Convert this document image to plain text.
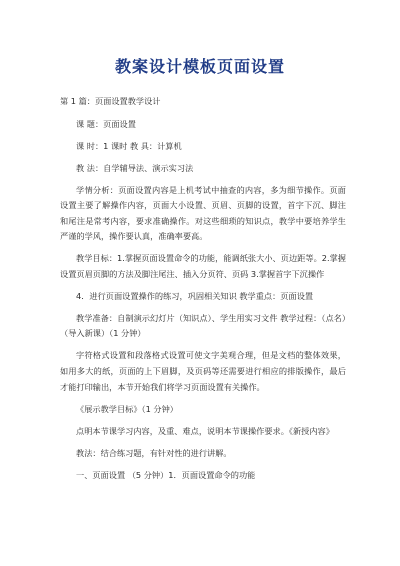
教案设计模板页面设置

第 1 篇：页面设置教学设计

课 题：页面设置

课 时：1 课时 教 具：计算机

教 法：自学辅导法、演示实习法

学情分析：页面设置内容是上机考试中抽查的内容，多为细节操作。页面设置主要了解操作内容，页面大小设置、页眉、页脚的设置，首字下沉、脚注和尾注是常考内容，要求准确操作。对这些细琐的知识点，教学中要培养学生严谨的学风，操作要认真，准确率要高。

教学目标：1.掌握页面设置命令的功能，能调纸张大小、页边距等。2.掌握设置页眉页脚的方法及脚注尾注、插入分页符、页码 3.掌握首字下沉操作

4．进行页面设置操作的练习，巩固相关知识 教学重点：页面设置

教学准备：自制演示幻灯片（知识点）、学生用实习文件 教学过程：（点名）（导入新课）（1 分钟）

字符格式设置和段落格式设置可使文字美观合理，但是文档的整体效果，如用多大的纸，页面的上下眉脚，及页码等还需要进行相应的排版操作，最后才能打印输出，本节开始我们将学习页面设置有关操作。

《展示教学目标》（1 分钟）

点明本节课学习内容，及重、难点，说明本节课操作要求。《新授内容》

教法：结合练习题，有针对性的进行讲解。

一、页面设置 （5 分钟）1．页面设置命令的功能
